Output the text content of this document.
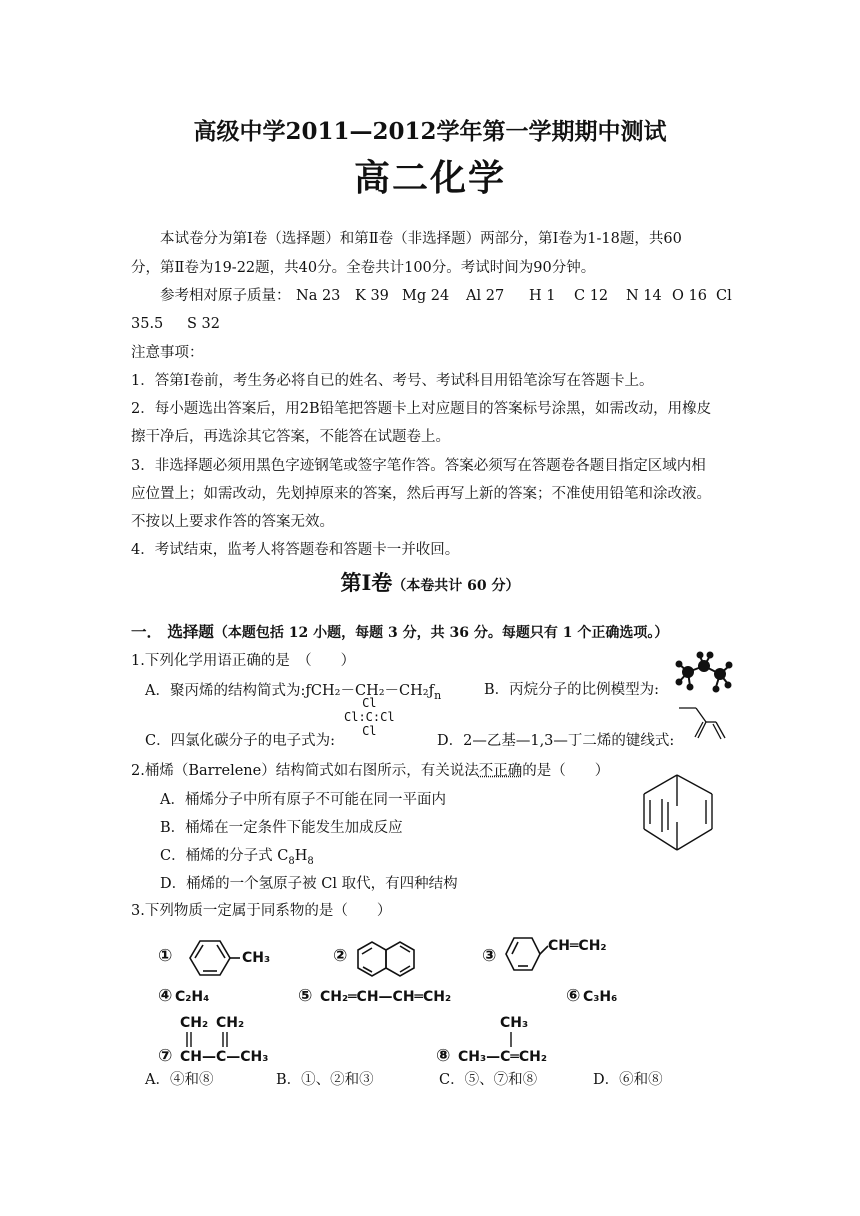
高级中学2011—2012学年第一学期期中测试
高二化学
本试卷分为第Ⅰ卷（选择题）和第Ⅱ卷（非选择题）两部分，第Ⅰ卷为1-18题，共60
分，第Ⅱ卷为19-22题，共40分。全卷共计100分。考试时间为90分钟。
参考相对原子质量： Na 23 K 39 Mg 24 Al 27 H 1 C 12 N 14 O 16 Cl
35.5 S 32
注意事项：
1．答第Ⅰ卷前，考生务必将自已的姓名、考号、考试科目用铅笔涂写在答题卡上。
2．每小题选出答案后，用2B铅笔把答题卡上对应题目的答案标号涂黑，如需改动，用橡皮
擦干净后，再选涂其它答案，不能答在试题卷上。
3．非选择题必须用黑色字迹钢笔或签字笔作答。答案必须写在答题卷各题目指定区域内相
应位置上；如需改动，先划掉原来的答案，然后再写上新的答案；不准使用铅笔和涂改液。
不按以上要求作答的答案无效。
4．考试结束，监考人将答题卷和答题卡一并收回。
第Ⅰ卷（本卷共计 60 分）
一． 选择题（本题包括 12 小题，每题 3 分，共 36 分。每题只有 1 个正确选项。）
1.下列化学用语正确的是　（　　）
A．聚丙烯的结构简式为$:ƒCH_2-CH_2-CH_2ƒ_n$	B．丙烷分子的比例模型为:
C．四氯化碳分子的电子式为:
Cl
Cl:C:Cl
Cl
D．2—乙基—1,3—丁二烯的键线式:
2.桶烯（Barrelene）结构简式如右图所示，有关说法不正确的是（　　）
A．桶烯分子中所有原子不可能在同一平面内
B．桶烯在一定条件下能发生加成反应
C．桶烯的分子式 $C_8H_8$
D．桶烯的一个氢原子被 Cl 取代，有四种结构
3.下列物质一定属于同系物的是（　　）
①	CH₃	②	③	CH═CH₂
④ C₂H₄	⑤ CH₂═CH—CH═CH₂	⑥ C₃H₆
CH₂ CH₂
⑦ CH—C—CH₃
CH₃
⑧ CH₃—C═CH₂
A．④和⑧	B．①、②和③	C．⑤、⑦和⑧	D．⑥和⑧
